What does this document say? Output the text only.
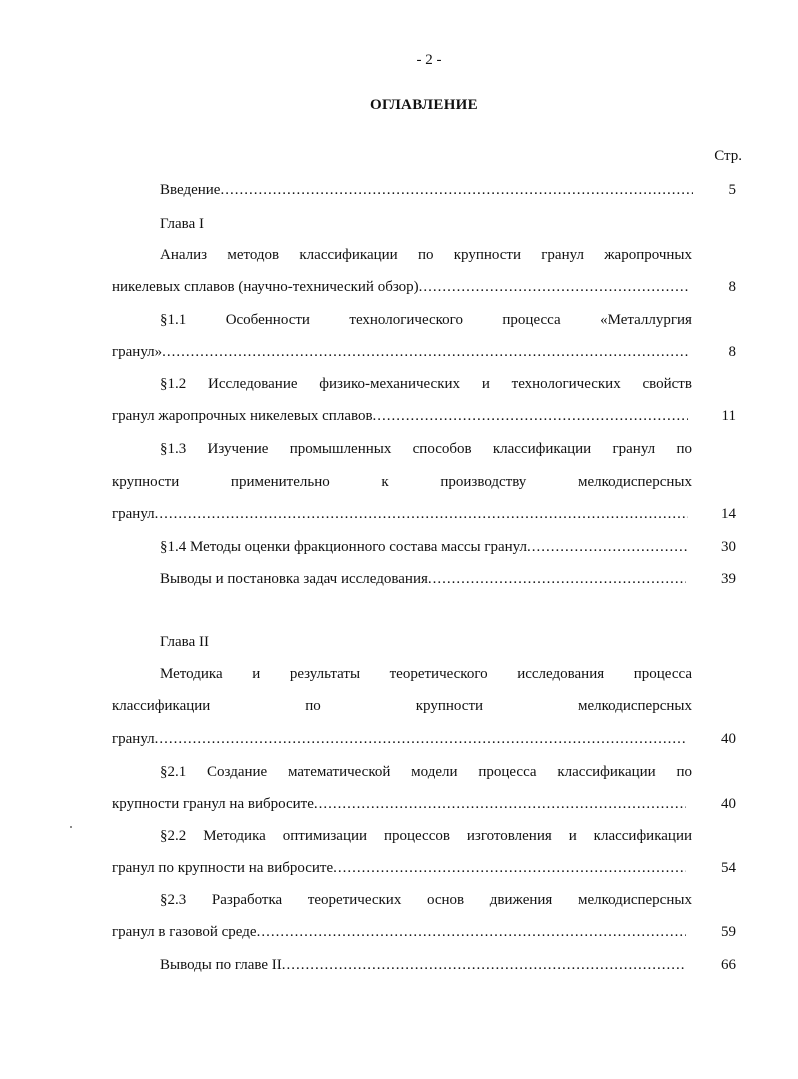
- 2 -
ОГЛАВЛЕНИЕ
Стр.
Введение .....	5
Глава I
Анализ методов классификации по крупности гранул жаропрочных
никелевых сплавов (научно-технический обзор) .....	8
§1.1	Особенности	технологического	процесса	«Металлургия
гранул» .....	8
§1.2 Исследование физико-механических и технологических свойств
гранул жаропрочных никелевых сплавов .....	11
§1.3 Изучение промышленных способов классификации гранул по
крупности	применительно	к	производству	мелкодисперсных
гранул .....	14
§1.4 Методы оценки фракционного состава массы гранул .....	30
Выводы и постановка задач исследования .....	39
Глава II
Методика и результаты теоретического исследования процесса
классификации	по	крупности	мелкодисперсных
гранул .....	40
§2.1 Создание математической модели процесса классификации по
крупности гранул на вибросите .....	40
§2.2 Методика оптимизации процессов изготовления и классификации
гранул по крупности на вибросите .....	54
§2.3 Разработка теоретических основ движения мелкодисперсных
гранул в газовой среде .....	59
Выводы по главе II .....	66
